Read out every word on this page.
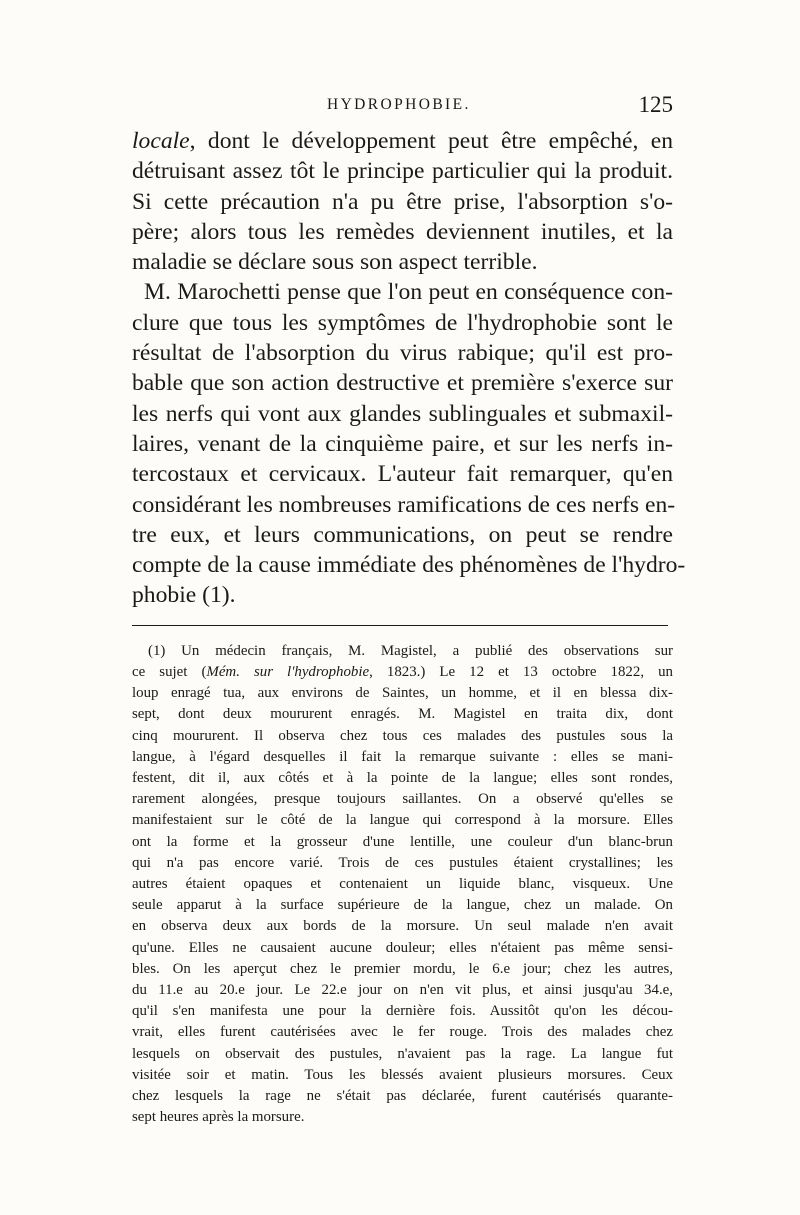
HYDROPHOBIE.	125
locale, dont le développement peut être empêché, en
détruisant assez tôt le principe particulier qui la produit.
Si cette précaution n'a pu être prise, l'absorption s'o-
père; alors tous les remèdes deviennent inutiles, et la
maladie se déclare sous son aspect terrible.
M. Marochetti pense que l'on peut en conséquence con-
clure que tous les symptômes de l'hydrophobie sont le
résultat de l'absorption du virus rabique; qu'il est pro-
bable que son action destructive et première s'exerce sur
les nerfs qui vont aux glandes sublinguales et submaxil-
laires, venant de la cinquième paire, et sur les nerfs in-
tercostaux et cervicaux. L'auteur fait remarquer, qu'en
considérant les nombreuses ramifications de ces nerfs en-
tre eux, et leurs communications, on peut se rendre
compte de la cause immédiate des phénomènes de l'hydro-
phobie (1).
(1) Un médecin français, M. Magistel, a publié des observations sur
ce sujet (Mém. sur l'hydrophobie, 1823.) Le 12 et 13 octobre 1822, un
loup enragé tua, aux environs de Saintes, un homme, et il en blessa dix-
sept, dont deux moururent enragés. M. Magistel en traita dix, dont
cinq moururent. Il observa chez tous ces malades des pustules sous la
langue, à l'égard desquelles il fait la remarque suivante : elles se mani-
festent, dit il, aux côtés et à la pointe de la langue; elles sont rondes,
rarement alongées, presque toujours saillantes. On a observé qu'elles se
manifestaient sur le côté de la langue qui correspond à la morsure. Elles
ont la forme et la grosseur d'une lentille, une couleur d'un blanc-brun
qui n'a pas encore varié. Trois de ces pustules étaient crystallines; les
autres étaient opaques et contenaient un liquide blanc, visqueux. Une
seule apparut à la surface supérieure de la langue, chez un malade. On
en observa deux aux bords de la morsure. Un seul malade n'en avait
qu'une. Elles ne causaient aucune douleur; elles n'étaient pas même sensi-
bles. On les aperçut chez le premier mordu, le 6.e jour; chez les autres,
du 11.e au 20.e jour. Le 22.e jour on n'en vit plus, et ainsi jusqu'au 34.e,
qu'il s'en manifesta une pour la dernière fois. Aussitôt qu'on les décou-
vrait, elles furent cautérisées avec le fer rouge. Trois des malades chez
lesquels on observait des pustules, n'avaient pas la rage. La langue fut
visitée soir et matin. Tous les blessés avaient plusieurs morsures. Ceux
chez lesquels la rage ne s'était pas déclarée, furent cautérisés quarante-
sept heures après la morsure.
